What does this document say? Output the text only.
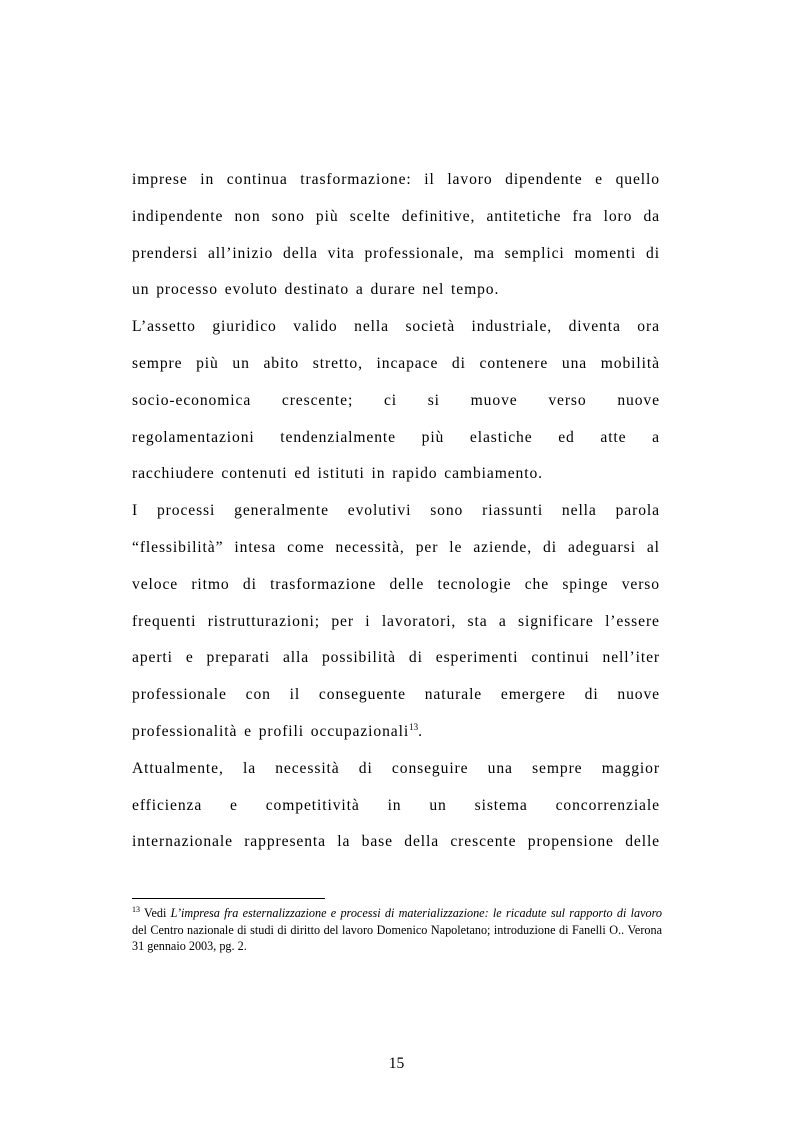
imprese in continua trasformazione: il lavoro dipendente e quello
indipendente non sono più scelte definitive, antitetiche fra loro da
prendersi all’inizio della vita professionale, ma semplici momenti di
un processo evoluto destinato a durare nel tempo.
L’assetto giuridico valido nella società industriale, diventa ora
sempre più un abito stretto, incapace di contenere una mobilità
socio-economica crescente; ci si muove verso nuove
regolamentazioni tendenzialmente più elastiche ed atte a
racchiudere contenuti ed istituti in rapido cambiamento.
I processi generalmente evolutivi sono riassunti nella parola
“flessibilità” intesa come necessità, per le aziende, di adeguarsi al
veloce ritmo di trasformazione delle tecnologie che spinge verso
frequenti ristrutturazioni; per i lavoratori, sta a significare l’essere
aperti e preparati alla possibilità di esperimenti continui nell’iter
professionale con il conseguente naturale emergere di nuove
professionalità e profili occupazionali$^{13}$.
Attualmente, la necessità di conseguire una sempre maggior
efficienza e competitività in un sistema concorrenziale
internazionale rappresenta la base della crescente propensione delle
$^{13}$ Vedi L’impresa fra esternalizzazione e processi di materializzazione: le ricadute sul rapporto di lavoro del Centro nazionale di studi di diritto del lavoro Domenico Napoletano; introduzione di Fanelli O.. Verona 31 gennaio 2003, pg. 2.
15
